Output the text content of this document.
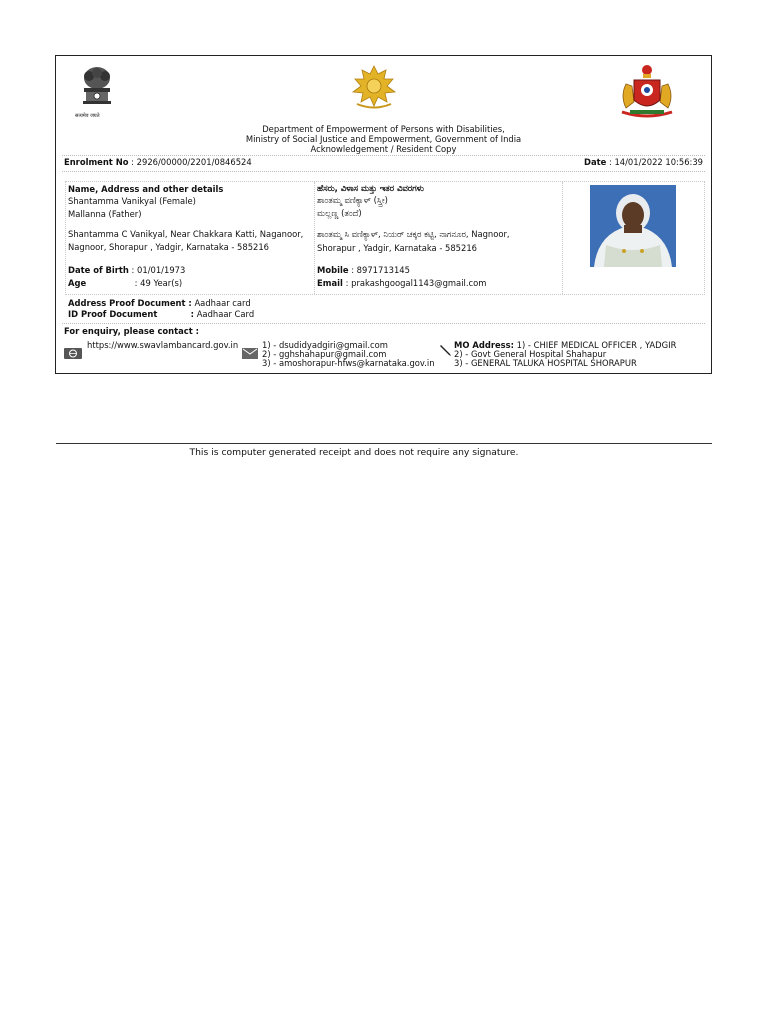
सत्यमेव जयते
Department of Empowerment of Persons with Disabilities,
Ministry of Social Justice and Empowerment, Government of India
Acknowledgement / Resident Copy
Enrolment No : 2926/00000/2201/0846524	Date : 14/01/2022 10:56:39
Name, Address and other details
Shantamma Vanikyal (Female)
Mallanna (Father)
Shantamma C Vanikyal, Near Chakkara Katti, Naganoor,
Nagnoor, Shorapur , Yadgir, Karnataka - 585216
Date of Birth : 01/01/1973
Age	: 49 Year(s)
ಹೆಸರು, ವಿಳಾಸ ಮತ್ತು ಇತರ ವಿವರಗಳು
ಶಾಂತಮ್ಮ ವಣಿಕ್ಯಾಳ್ (ಸ್ತ್ರೀ)
ಮಲ್ಲಣ್ಣ (ತಂದೆ)
ಶಾಂತಮ್ಮ ಸಿ ವಣಿಕ್ಯಾಳ್, ನಿಯರ್ ಚಕ್ಕರ ಕಟ್ಟಿ, ನಾಗನೂರ, Nagnoor,
Shorapur , Yadgir, Karnataka - 585216
Mobile : 8971713145
Email : prakashgoogal1143@gmail.com
Address Proof Document : Aadhaar card
ID Proof Document	: Aadhaar Card
For enquiry, please contact :
https://www.swavlambancard.gov.in	1) - dsudidyadgiri@gmail.com
2) - gghshahapur@gmail.com
3) - amoshorapur-hfws@karnataka.gov.in
MO Address: 1) - CHIEF MEDICAL OFFICER , YADGIR
2) - Govt General Hospital Shahapur
3) - GENERAL TALUKA HOSPITAL SHORAPUR
This is computer generated receipt and does not require any signature.
